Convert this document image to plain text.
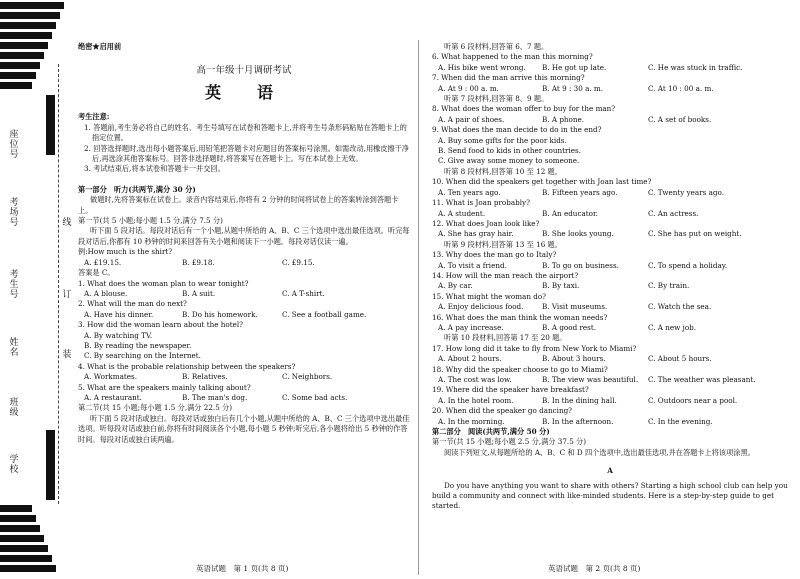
座位号
考场号
考生号
姓名
班级
学校
线
订
装

绝密★启用前

高一年级十月调研考试
英　语

考生注意:

1. 答题前,考生务必将自己的姓名、考生号填写在试卷和答题卡上,并将考生号条形码粘贴在答题卡上的指定位置。

2. 回答选择题时,选出每小题答案后,用铅笔把答题卡对应题目的答案标号涂黑。如需改动,用橡皮擦干净后,再选涂其他答案标号。回答非选择题时,将答案写在答题卡上。写在本试卷上无效。

3. 考试结束后,将本试卷和答题卡一并交回。

第一部分　听力(共两节,满分 30 分)

做题时,先将答案标在试卷上。录音内容结束后,你将有 2 分钟的时间将试卷上的答案转涂到答题卡上。

第一节(共 5 小题;每小题 1.5 分,满分 7.5 分)

听下面 5 段对话。每段对话后有一个小题,从题中所给的 A、B、C 三个选项中选出最佳选项。听完每段对话后,你都有 10 秒钟的时间来回答有关小题和阅读下一小题。每段对话仅读一遍。

例:How much is the shirt?

A. £19.15.	B. £9.18.	C. £9.15.

答案是 C。

1. What does the woman plan to wear tonight?

A. A blouse.	B. A suit.	C. A T-shirt.

2. What will the man do next?

A. Have his dinner.	B. Do his homework.	C. See a football game.

3. How did the woman learn about the hotel?

A. By watching TV.

B. By reading the newspaper.

C. By searching on the Internet.

4. What is the probable relationship between the speakers?

A. Workmates.	B. Relatives.	C. Neighbors.

5. What are the speakers mainly talking about?

A. A restaurant.	B. The man's dog.	C. Some bad acts.

第二节(共 15 小题;每小题 1.5 分,满分 22.5 分)

听下面 5 段对话或独白。每段对话或独白后有几个小题,从题中所给的 A、B、C 三个选项中选出最佳选项。听每段对话或独白前,你将有时间阅读各个小题,每小题 5 秒钟;听完后,各小题将给出 5 秒钟的作答时间。每段对话或独白读两遍。

英语试题　第 1 页(共 8 页)

听第 6 段材料,回答第 6、7 题。

6. What happened to the man this morning?

A. His bike went wrong.	B. He got up late.	C. He was stuck in traffic.

7. When did the man arrive this morning?

A. At 9 : 00 a. m.	B. At 9 : 30 a. m.	C. At 10 : 00 a. m.

听第 7 段材料,回答第 8、9 题。

8. What does the woman offer to buy for the man?

A. A pair of shoes.	B. A phone.	C. A set of books.

9. What does the man decide to do in the end?

A. Buy some gifts for the poor kids.

B. Send food to kids in other countries.

C. Give away some money to someone.

听第 8 段材料,回答第 10 至 12 题。

10. When did the speakers get together with Joan last time?

A. Ten years ago.	B. Fifteen years ago.	C. Twenty years ago.

11. What is Joan probably?

A. A student.	B. An educator.	C. An actress.

12. What does Joan look like?

A. She has gray hair.	B. She looks young.	C. She has put on weight.

听第 9 段材料,回答第 13 至 16 题。

13. Why does the man go to Italy?

A. To visit a friend.	B. To go on business.	C. To spend a holiday.

14. How will the man reach the airport?

A. By car.	B. By taxi.	C. By train.

15. What might the woman do?

A. Enjoy delicious food.	B. Visit museums.	C. Watch the sea.

16. What does the man think the woman needs?

A. A pay increase.	B. A good rest.	C. A new job.

听第 10 段材料,回答第 17 至 20 题。

17. How long did it take to fly from New York to Miami?

A. About 2 hours.	B. About 3 hours.	C. About 5 hours.

18. Why did the speaker choose to go to Miami?

A. The cost was low.	B. The view was beautiful.	C. The weather was pleasant.

19. Where did the speaker have breakfast?

A. In the hotel room.	B. In the dining hall.	C. Outdoors near a pool.

20. When did the speaker go dancing?

A. In the morning.	B. In the afternoon.	C. In the evening.

第二部分　阅读(共两节,满分 50 分)

第一节(共 15 小题;每小题 2.5 分,满分 37.5 分)

阅读下列短文,从每题所给的 A、B、C 和 D 四个选项中,选出最佳选项,并在答题卡上将该项涂黑。

A

Do you have anything you want to share with others? Starting a high school club can help you build a community and connect with like-minded students. Here is a step-by-step guide to get started.

英语试题　第 2 页(共 8 页)
